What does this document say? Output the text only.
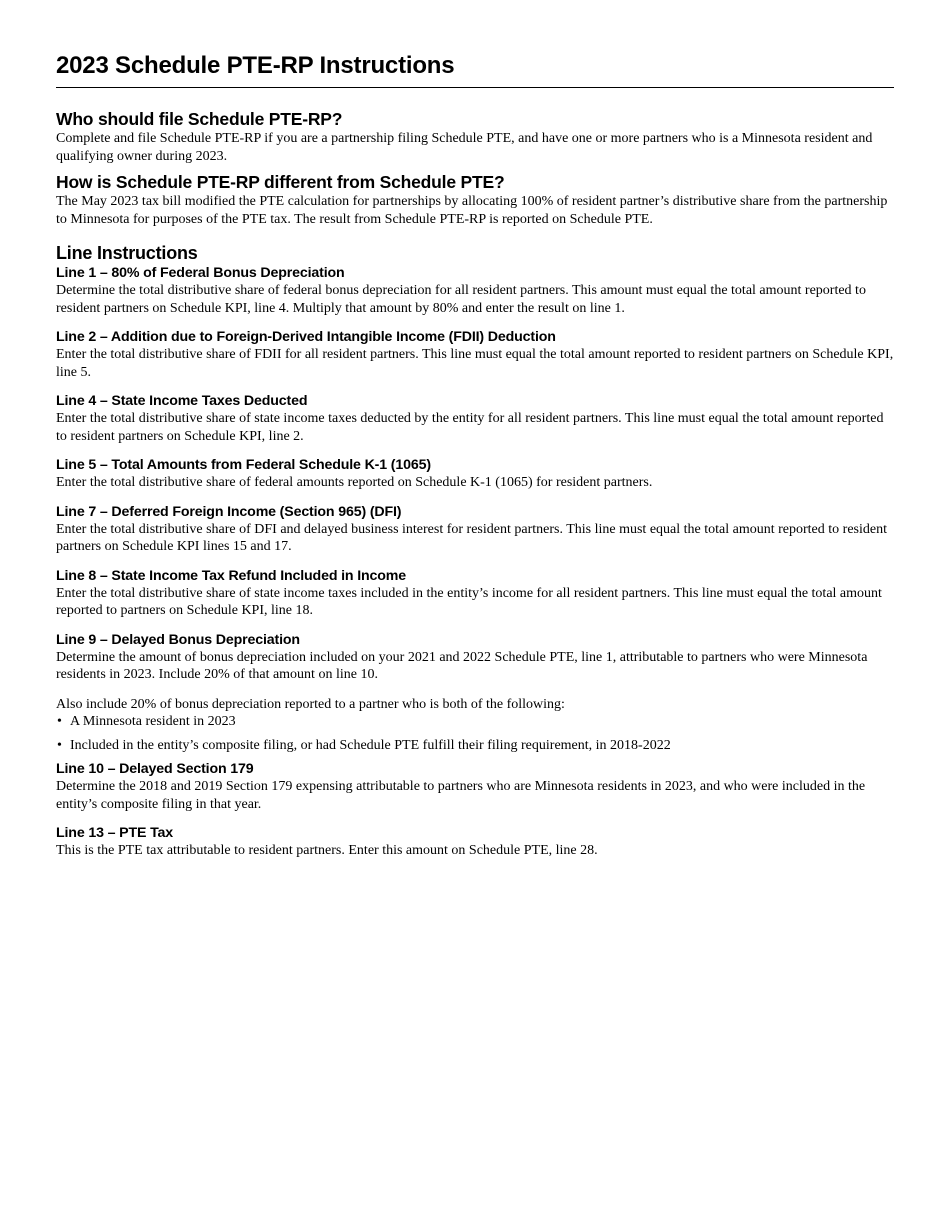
2023 Schedule PTE-RP Instructions
Who should file Schedule PTE-RP?

Complete and file Schedule PTE-RP if you are a partnership filing Schedule PTE, and have one or more partners who is a Minnesota resident and qualifying owner during 2023.

How is Schedule PTE-RP different from Schedule PTE?

The May 2023 tax bill modified the PTE calculation for partnerships by allocating 100% of resident partner’s distributive share from the partnership to Minnesota for purposes of the PTE tax. The result from Schedule PTE-RP is reported on Schedule PTE.

Line Instructions
Line 1 – 80% of Federal Bonus Depreciation

Determine the total distributive share of federal bonus depreciation for all resident partners. This amount must equal the total amount reported to resident partners on Schedule KPI, line 4. Multiply that amount by 80% and enter the result on line 1.

Line 2 – Addition due to Foreign-Derived Intangible Income (FDII) Deduction

Enter the total distributive share of FDII for all resident partners. This line must equal the total amount reported to resident partners on Schedule KPI, line 5.

Line 4 – State Income Taxes Deducted

Enter the total distributive share of state income taxes deducted by the entity for all resident partners. This line must equal the total amount reported to resident partners on Schedule KPI, line 2.

Line 5 – Total Amounts from Federal Schedule K-1 (1065)

Enter the total distributive share of federal amounts reported on Schedule K-1 (1065) for resident partners.

Line 7 – Deferred Foreign Income (Section 965) (DFI)

Enter the total distributive share of DFI and delayed business interest for resident partners. This line must equal the total amount reported to resident partners on Schedule KPI lines 15 and 17.

Line 8 – State Income Tax Refund Included in Income

Enter the total distributive share of state income taxes included in the entity’s income for all resident partners. This line must equal the total amount reported to partners on Schedule KPI, line 18.

Line 9 – Delayed Bonus Depreciation

Determine the amount of bonus depreciation included on your 2021 and 2022 Schedule PTE, line 1, attributable to partners who were Minnesota residents in 2023. Include 20% of that amount on line 10.

Also include 20% of bonus depreciation reported to a partner who is both of the following:

• A Minnesota resident in 2023
• Included in the entity’s composite filing, or had Schedule PTE fulfill their filing requirement, in 2018-2022
Line 10 – Delayed Section 179

Determine the 2018 and 2019 Section 179 expensing attributable to partners who are Minnesota residents in 2023, and who were included in the entity’s composite filing in that year.

Line 13 – PTE Tax

This is the PTE tax attributable to resident partners. Enter this amount on Schedule PTE, line 28.
